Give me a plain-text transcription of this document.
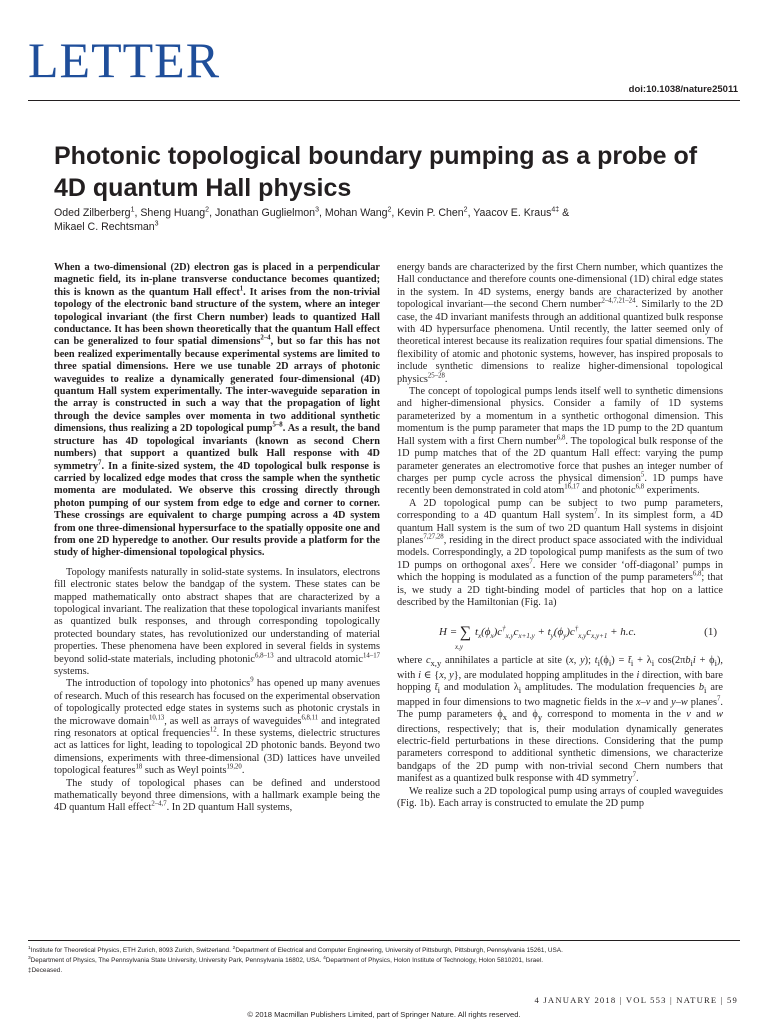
LETTER
doi:10.1038/nature25011
Photonic topological boundary pumping as a probe of 4D quantum Hall physics
Oded Zilberberg$^1$, Sheng Huang$^2$, Jonathan Guglielmon$^3$, Mohan Wang$^2$, Kevin P. Chen$^2$, Yaacov E. Kraus$^{4\ddagger}$ &
Mikael C. Rechtsman$^3$

When a two-dimensional (2D) electron gas is placed in a perpendicular magnetic field, its in-plane transverse conductance becomes quantized; this is known as the quantum Hall effect$^1$. It arises from the non-trivial topology of the electronic band structure of the system, where an integer topological invariant (the first Chern number) leads to quantized Hall conductance. It has been shown theoretically that the quantum Hall effect can be generalized to four spatial dimensions$^{2-4}$, but so far this has not been realized experimentally because experimental systems are limited to three spatial dimensions. Here we use tunable 2D arrays of photonic waveguides to realize a dynamically generated four-dimensional (4D) quantum Hall system experimentally. The inter-waveguide separation in the array is constructed in such a way that the propagation of light through the device samples over momenta in two additional synthetic dimensions, thus realizing a 2D topological pump$^{5-8}$. As a result, the band structure has 4D topological invariants (known as second Chern numbers) that support a quantized bulk Hall response with 4D symmetry$^7$. In a finite-sized system, the 4D topological bulk response is carried by localized edge modes that cross the sample when the synthetic momenta are modulated. We observe this crossing directly through photon pumping of our system from edge to edge and corner to corner. These crossings are equivalent to charge pumping across a 4D system from one three-dimensional hypersurface to the spatially opposite one and from one 2D hyperedge to another. Our results provide a platform for the study of higher-dimensional topological physics.

Topology manifests naturally in solid-state systems. In insulators, electrons fill electronic states below the bandgap of the system. These states can be mapped mathematically onto abstract shapes that are characterized by a topological invariant. The realization that these topological invariants manifest as quantized bulk responses, and through corresponding topologically protected boundary states, has revolutionized our understanding of material properties. These phenomena have been explored in several fields in systems beyond solid-state materials, including photonic$^{6,8-13}$ and ultracold atomic$^{14-17}$ systems.

The introduction of topology into photonics$^9$ has opened up many avenues of research. Much of this research has focused on the experimental observation of topologically protected edge states in systems such as photonic crystals in the microwave domain$^{10,13}$, as well as arrays of waveguides$^{6,8,11}$ and integrated ring resonators at optical frequencies$^{12}$. In these systems, dielectric structures act as lattices for light, leading to topological 2D photonic bands. Beyond two dimensions, experiments with three-dimensional (3D) lattices have unveiled topological features$^{18}$ such as Weyl points$^{19,20}$.

The study of topological phases can be defined and understood mathematically beyond three dimensions, with a hallmark example being the 4D quantum Hall effect$^{2-4,7}$. In 2D quantum Hall systems,

energy bands are characterized by the first Chern number, which quantizes the Hall conductance and therefore counts one-dimensional (1D) chiral edge states in the system. In 4D systems, energy bands are characterized by another topological invariant—the second Chern number$^{2-4,7,21-24}$. Similarly to the 2D case, the 4D invariant manifests through an additional quantized bulk response with 4D hypersurface phenomena. Until recently, the latter seemed only of theoretical interest because its realization requires four spatial dimensions. The flexibility of atomic and photonic systems, however, has inspired proposals to include synthetic dimensions to realize higher-dimensional topological physics$^{25-28}$.

The concept of topological pumps lends itself well to synthetic dimensions and higher-dimensional physics. Consider a family of 1D systems parameterized by a momentum in a synthetic orthogonal dimension. This momentum is the pump parameter that maps the 1D pump to the 2D quantum Hall system with a first Chern number$^{6,8}$. The topological bulk response of the 1D pump matches that of the 2D quantum Hall effect: varying the pump parameter generates an electromotive force that pushes an integer number of charges per pump cycle across the physical dimension$^5$. 1D pumps have recently been demonstrated in cold atom$^{16,17}$ and photonic$^{6,8}$ experiments.

A 2D topological pump can be subject to two pump parameters, corresponding to a 4D quantum Hall system$^7$. In its simplest form, a 4D quantum Hall system is the sum of two 2D quantum Hall systems in disjoint planes$^{7,27,28}$, residing in the direct product space associated with the individual models. Correspondingly, a 2D topological pump manifests as the sum of two 1D pumps on orthogonal axes$^7$. Here we consider ‘off-diagonal’ pumps in which the hopping is modulated as a function of the pump parameters$^{6,8}$; that is, we study a 2D tight-binding model of particles that hop on a lattice described by the Hamiltonian (Fig. 1a)

H = ∑
x,y
  $t_x(\phi_x)c^\dagger_{x,y}c_{x+1,y} + t_y(\phi_y)c^\dagger_{x,y}c_{x,y+1} + h.c$.	(1)

where $c_{x,y}$ annihilates a particle at site (x, y); $t_i(\phi_i)$ = $t̄_i + \lambda_i$ $\cos(2\pi b_ii + \phi_i)$, with i ∈ {x, y}, are modulated hopping amplitudes in the i direction, with bare hopping $t̄_i$ and modulation $\lambda_i$ amplitudes. The modulation frequencies $b_i$ are mapped in four dimensions to two magnetic fields in the x–v and y–w planes$^7$. The pump parameters $\phi_x$ and $\phi_y$ correspond to momenta in the v and w directions, respectively; that is, their modulation dynamically generates electric-field perturbations in these directions. Considering that the pump parameters correspond to additional synthetic dimensions, we characterize bandgaps of the 2D pump with non-trivial second Chern numbers that manifest as a quantized bulk response with 4D symmetry$^7$.

We realize such a 2D topological pump using arrays of coupled waveguides (Fig. 1b). Each array is constructed to emulate the 2D pump

$^1$Institute for Theoretical Physics, ETH Zurich, 8093 Zurich, Switzerland. $^2$Department of Electrical and Computer Engineering, University of Pittsburgh, Pittsburgh, Pennsylvania 15261, USA.
$^3$Department of Physics, The Pennsylvania State University, University Park, Pennsylvania 16802, USA. $^4$Department of Physics, Holon Institute of Technology, Holon 5810201, Israel.
‡Deceased.
4 JANUARY 2018 | VOL 553 | NATURE | 59
© 2018 Macmillan Publishers Limited, part of Springer Nature. All rights reserved.
